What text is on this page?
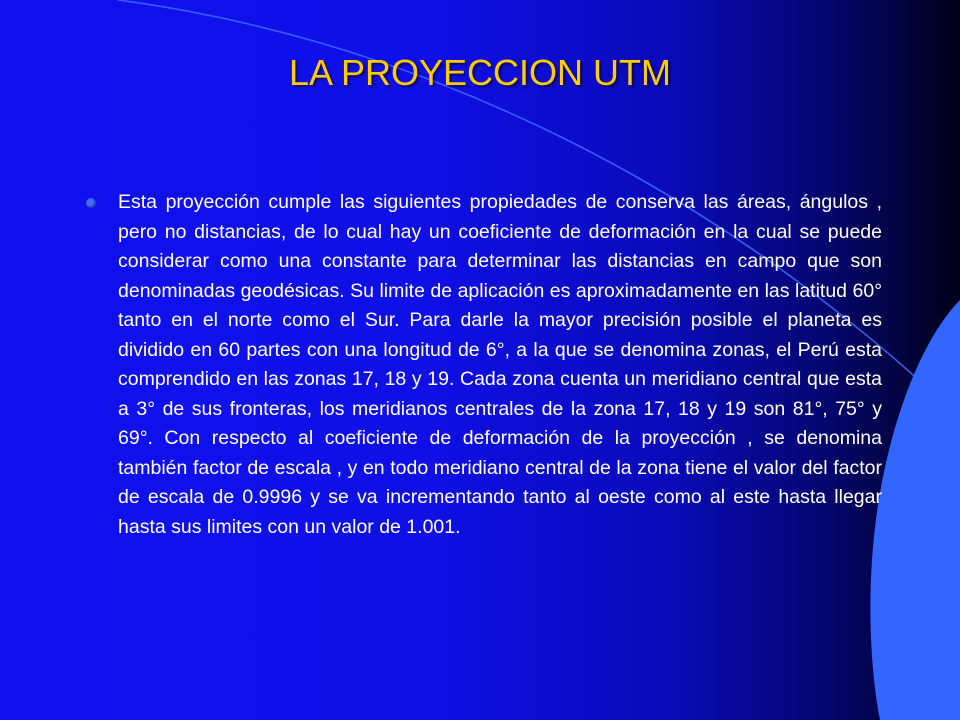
LA PROYECCION UTM

Esta proyección cumple las siguientes propiedades de conserva las áreas, ángulos , pero no distancias, de lo cual hay un coeficiente de deformación en la cual se puede considerar como una constante para determinar las distancias en campo que son denominadas geodésicas. Su limite de aplicación es aproximadamente en las latitud 60° tanto en el norte como el Sur. Para darle la mayor precisión posible el planeta es dividido en 60 partes con una longitud de 6°, a la que se denomina zonas, el Perú esta comprendido en las zonas 17, 18 y 19. Cada zona cuenta un meridiano central que esta a 3° de sus fronteras, los meridianos centrales de la zona 17, 18 y 19 son 81°, 75° y 69°. Con respecto al coeficiente de deformación de la proyección , se denomina también factor de escala , y en todo meridiano central de la zona tiene el valor del factor de escala de 0.9996 y se va incrementando tanto al oeste como al este hasta llegar hasta sus limites con un valor de 1.001.
